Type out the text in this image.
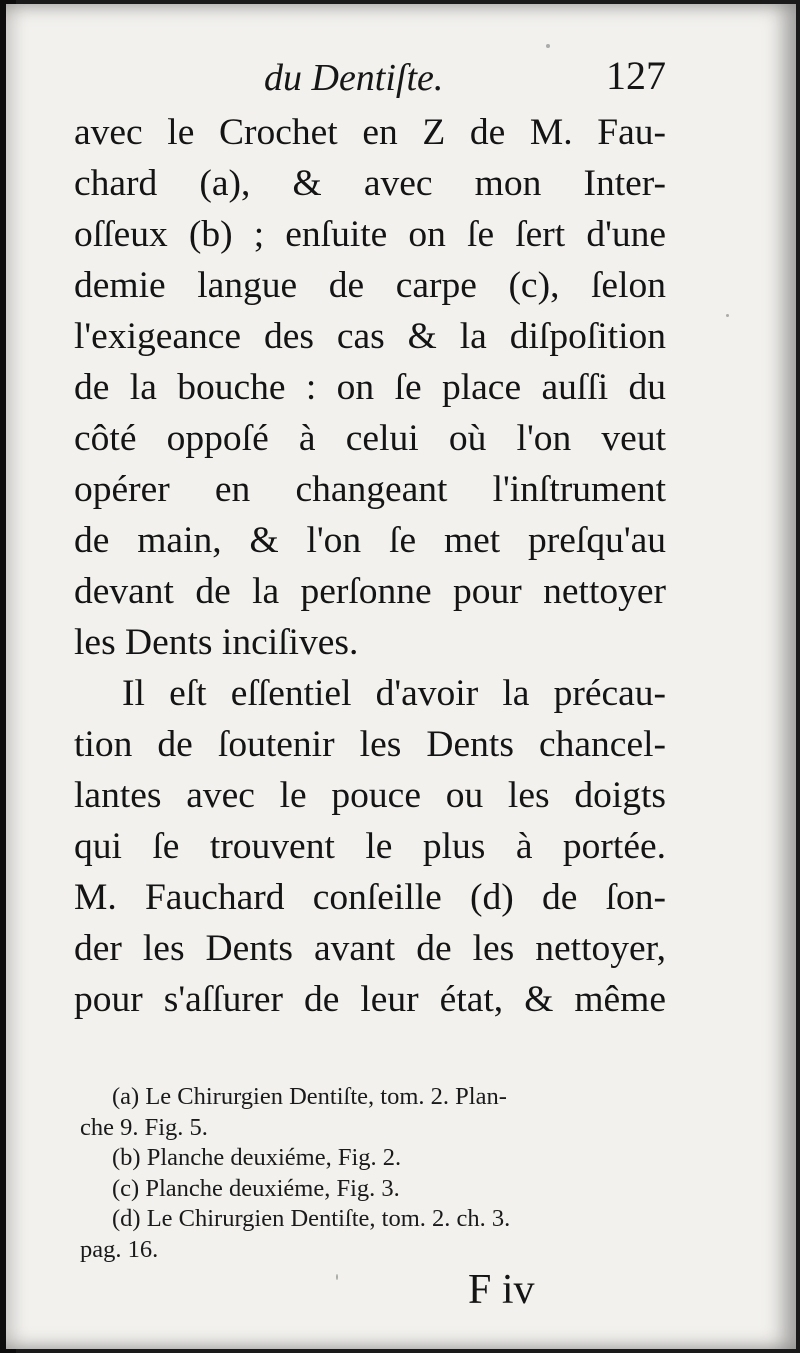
du Dentiſte.	127
avec le Crochet en Z de M. Fau-
chard (a), & avec mon Inter-
oſſeux (b) ; enſuite on ſe ſert d'une
demie langue de carpe (c), ſelon
l'exigeance des cas & la diſpoſition
de la bouche : on ſe place auſſi du
côté oppoſé à celui où l'on veut
opérer en changeant l'inſtrument
de main, & l'on ſe met preſqu'au
devant de la perſonne pour nettoyer
les Dents inciſives.
Il eſt eſſentiel d'avoir la précau-
tion de ſoutenir les Dents chancel-
lantes avec le pouce ou les doigts
qui ſe trouvent le plus à portée.
M. Fauchard conſeille (d) de ſon-
der les Dents avant de les nettoyer,
pour s'aſſurer de leur état, & même
(a) Le Chirurgien Dentiſte, tom. 2. Plan-
che 9. Fig. 5.
(b) Planche deuxiéme, Fig. 2.
(c) Planche deuxiéme, Fig. 3.
(d) Le Chirurgien Dentiſte, tom. 2. ch. 3.
pag. 16.
F iv
